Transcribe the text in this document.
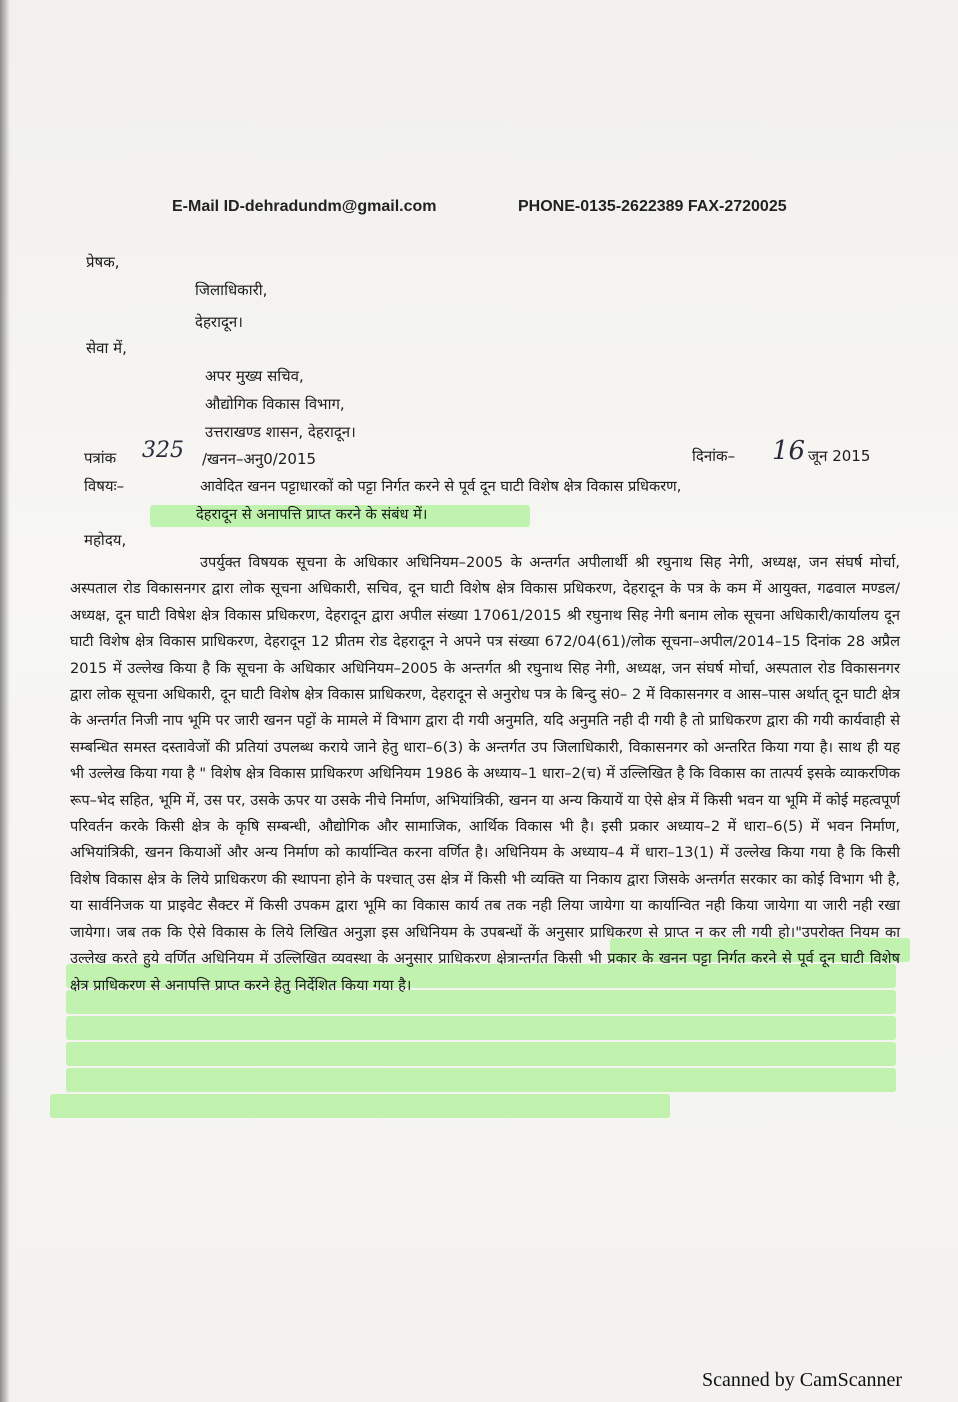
E-Mail ID-dehradundm@gmail.com	PHONE-0135-2622389 FAX-2720025
प्रेषक,
जिलाधिकारी,
देहरादून।
सेवा में,
अपर मुख्य सचिव,
औद्योगिक विकास विभाग,
उत्तराखण्ड शासन, देहरादून।
पत्रांक 325 /खनन–अनु0/2015	दिनांक– 16 जून 2015
विषयः–	आवेदित खनन पट्टाधारकों को पट्टा निर्गत करने से पूर्व दून घाटी विशेष क्षेत्र विकास प्रधिकरण,
देहरादून से अनापत्ति प्राप्त करने के संबंध में।
महोदय,
उपर्युक्त विषयक सूचना के अधिकार अधिनियम–2005 के अन्तर्गत अपीलार्थी श्री रघुनाथ सिह नेगी, अध्यक्ष, जन संघर्ष मोर्चा, अस्पताल रोड विकासनगर द्वारा लोक सूचना अधिकारी, सचिव, दून घाटी विशेष क्षेत्र विकास प्रधिकरण, देहरादून के पत्र के कम में आयुक्त, गढवाल मण्डल/अध्यक्ष, दून घाटी विषेश क्षेत्र विकास प्रधिकरण, देहरादून द्वारा अपील संख्या 17061/2015 श्री रघुनाथ सिह नेगी बनाम लोक सूचना अधिकारी/कार्यालय दून घाटी विशेष क्षेत्र विकास प्राधिकरण, देहरादून 12 प्रीतम रोड देहरादून ने अपने पत्र संख्या 672/04(61)/लोक सूचना–अपील/2014–15 दिनांक 28 अप्रैल 2015 में उल्लेख किया है कि सूचना के अधिकार अधिनियम–2005 के अन्तर्गत श्री रघुनाथ सिह नेगी, अध्यक्ष, जन संघर्ष मोर्चा, अस्पताल रोड विकासनगर द्वारा लोक सूचना अधिकारी, दून घाटी विशेष क्षेत्र विकास प्राधिकरण, देहरादून से अनुरोध पत्र के बिन्दु सं0– 2 में विकासनगर व आस–पास अर्थात् दून घाटी क्षेत्र के अन्तर्गत निजी नाप भूमि पर जारी खनन पट्टों के मामले में विभाग द्वारा दी गयी अनुमति, यदि अनुमति नही दी गयी है तो प्राधिकरण द्वारा की गयी कार्यवाही से सम्बन्धित समस्त दस्तावेजों की प्रतियां उपलब्ध कराये जाने हेतु धारा–6(3) के अन्तर्गत उप जिलाधिकारी, विकासनगर को अन्तरित किया गया है। साथ ही यह भी उल्लेख किया गया है " विशेष क्षेत्र विकास प्राधिकरण अधिनियम 1986 के अध्याय–1 धारा–2(च) में उल्लिखित है कि विकास का तात्पर्य इसके व्याकरणिक रूप–भेद सहित, भूमि में, उस पर, उसके ऊपर या उसके नीचे निर्माण, अभियांत्रिकी, खनन या अन्य कियायें या ऐसे क्षेत्र में किसी भवन या भूमि में कोई महत्वपूर्ण परिवर्तन करके किसी क्षेत्र के कृषि सम्बन्धी, औद्योगिक और सामाजिक, आर्थिक विकास भी है। इसी प्रकार अध्याय–2 में धारा–6(5) में भवन निर्माण, अभियांत्रिकी, खनन कियाओं और अन्य निर्माण को कार्यान्वित करना वर्णित है। अधिनियम के अध्याय–4 में धारा–13(1) में उल्लेख किया गया है कि किसी विशेष विकास क्षेत्र के लिये प्राधिकरण की स्थापना होने के पश्चात् उस क्षेत्र में किसी भी व्यक्ति या निकाय द्वारा जिसके अन्तर्गत सरकार का कोई विभाग भी है, या सार्वनिजक या प्राइवेट सैक्टर में किसी उपकम द्वारा भूमि का विकास कार्य तब तक नही लिया जायेगा या कार्यान्वित नही किया जायेगा या जारी नही रखा जायेगा। जब तक कि ऐसे विकास के लिये लिखित अनुज्ञा इस अधिनियम के उपबन्धों कें अनुसार प्राधिकरण से प्राप्त न कर ली गयी हो।"उपरोक्त नियम का उल्लेख करते हुये वर्णित अधिनियम में उल्लिखित व्यवस्था के अनुसार प्राधिकरण क्षेत्रान्तर्गत किसी भी प्रकार के खनन पट्टा निर्गत करने से पूर्व दून घाटी विशेष क्षेत्र प्राधिकरण से अनापत्ति प्राप्त करने हेतु निर्देशित किया गया है।
Scanned by CamScanner
